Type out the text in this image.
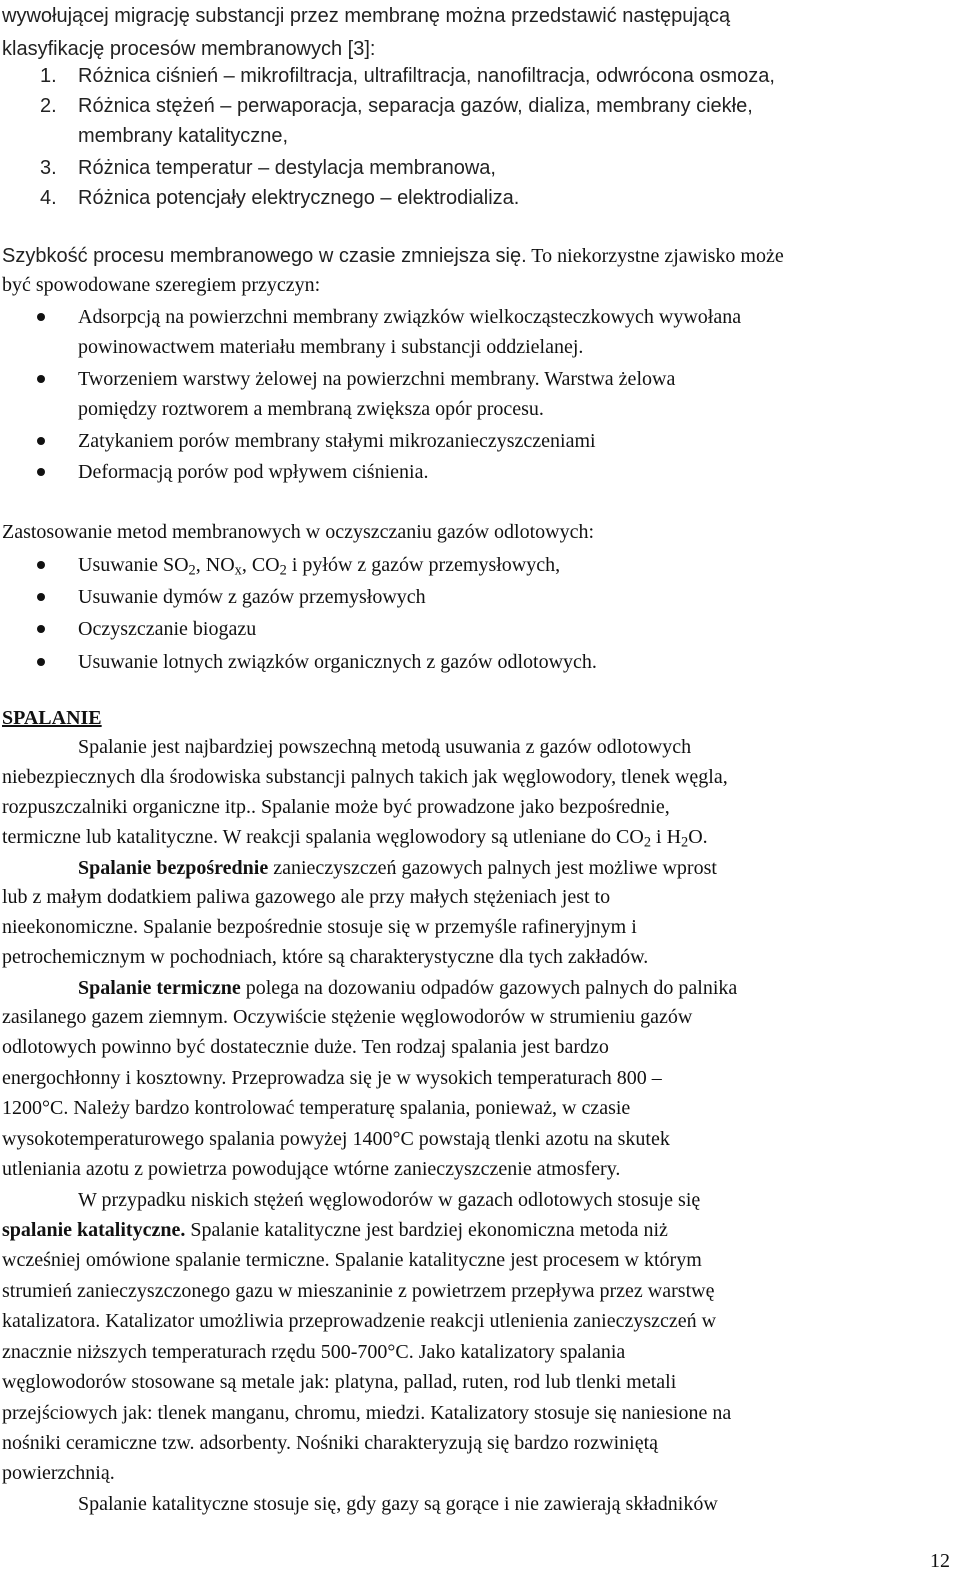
wywołującej migrację substancji przez membranę można przedstawić następującą
klasyfikację procesów membranowych [3]:
1. Różnica ciśnień – mikrofiltracja, ultrafiltracja, nanofiltracja, odwrócona osmoza,
2. Różnica stężeń – perwaporacja, separacja gazów, dializa, membrany ciekłe,
membrany katalityczne,
3. Różnica temperatur – destylacja membranowa,
4. Różnica potencjały elektrycznego – elektrodializa.
Szybkość procesu membranowego w czasie zmniejsza się. To niekorzystne zjawisko może
być spowodowane szeregiem przyczyn:
Adsorpcją na powierzchni membrany związków wielkocząsteczkowych wywołana
powinowactwem materiału membrany i substancji oddzielanej.
Tworzeniem warstwy żelowej na powierzchni membrany. Warstwa żelowa
pomiędzy roztworem a membraną zwiększa opór procesu.
Zatykaniem porów membrany stałymi mikrozanieczyszczeniami
Deformacją porów pod wpływem ciśnienia.
Zastosowanie metod membranowych w oczyszczaniu gazów odlotowych:
Usuwanie $SO_2$, $NO_x$, $CO_2$ i pyłów z gazów przemysłowych,
Usuwanie dymów z gazów przemysłowych
Oczyszczanie biogazu
Usuwanie lotnych związków organicznych z gazów odlotowych.
SPALANIE
Spalanie jest najbardziej powszechną metodą usuwania z gazów odlotowych
niebezpiecznych dla środowiska substancji palnych takich jak węglowodory, tlenek węgla,
rozpuszczalniki organiczne itp.. Spalanie może być prowadzone jako bezpośrednie,
termiczne lub katalityczne. W reakcji spalania węglowodory są utleniane do $CO_2$ i $H_2O$.
Spalanie bezpośrednie zanieczyszczeń gazowych palnych jest możliwe wprost
lub z małym dodatkiem paliwa gazowego ale przy małych stężeniach jest to
nieekonomiczne. Spalanie bezpośrednie stosuje się w przemyśle rafineryjnym i
petrochemicznym w pochodniach, które są charakterystyczne dla tych zakładów.
Spalanie termiczne polega na dozowaniu odpadów gazowych palnych do palnika
zasilanego gazem ziemnym. Oczywiście stężenie węglowodorów w strumieniu gazów
odlotowych powinno być dostatecznie duże. Ten rodzaj spalania jest bardzo
energochłonny i kosztowny. Przeprowadza się je w wysokich temperaturach 800 –
1200°C. Należy bardzo kontrolować temperaturę spalania, ponieważ, w czasie
wysokotemperaturowego spalania powyżej 1400°C powstają tlenki azotu na skutek
utleniania azotu z powietrza powodujące wtórne zanieczyszczenie atmosfery.
W przypadku niskich stężeń węglowodorów w gazach odlotowych stosuje się
spalanie katalityczne. Spalanie katalityczne jest bardziej ekonomiczna metoda niż
wcześniej omówione spalanie termiczne. Spalanie katalityczne jest procesem w którym
strumień zanieczyszczonego gazu w mieszaninie z powietrzem przepływa przez warstwę
katalizatora. Katalizator umożliwia przeprowadzenie reakcji utlenienia zanieczyszczeń w
znacznie niższych temperaturach rzędu 500-700°C. Jako katalizatory spalania
węglowodorów stosowane są metale jak: platyna, pallad, ruten, rod lub tlenki metali
przejściowych jak: tlenek manganu, chromu, miedzi. Katalizatory stosuje się naniesione na
nośniki ceramiczne tzw. adsorbenty. Nośniki charakteryzują się bardzo rozwiniętą
powierzchnią.
Spalanie katalityczne stosuje się, gdy gazy są gorące i nie zawierają składników
12
